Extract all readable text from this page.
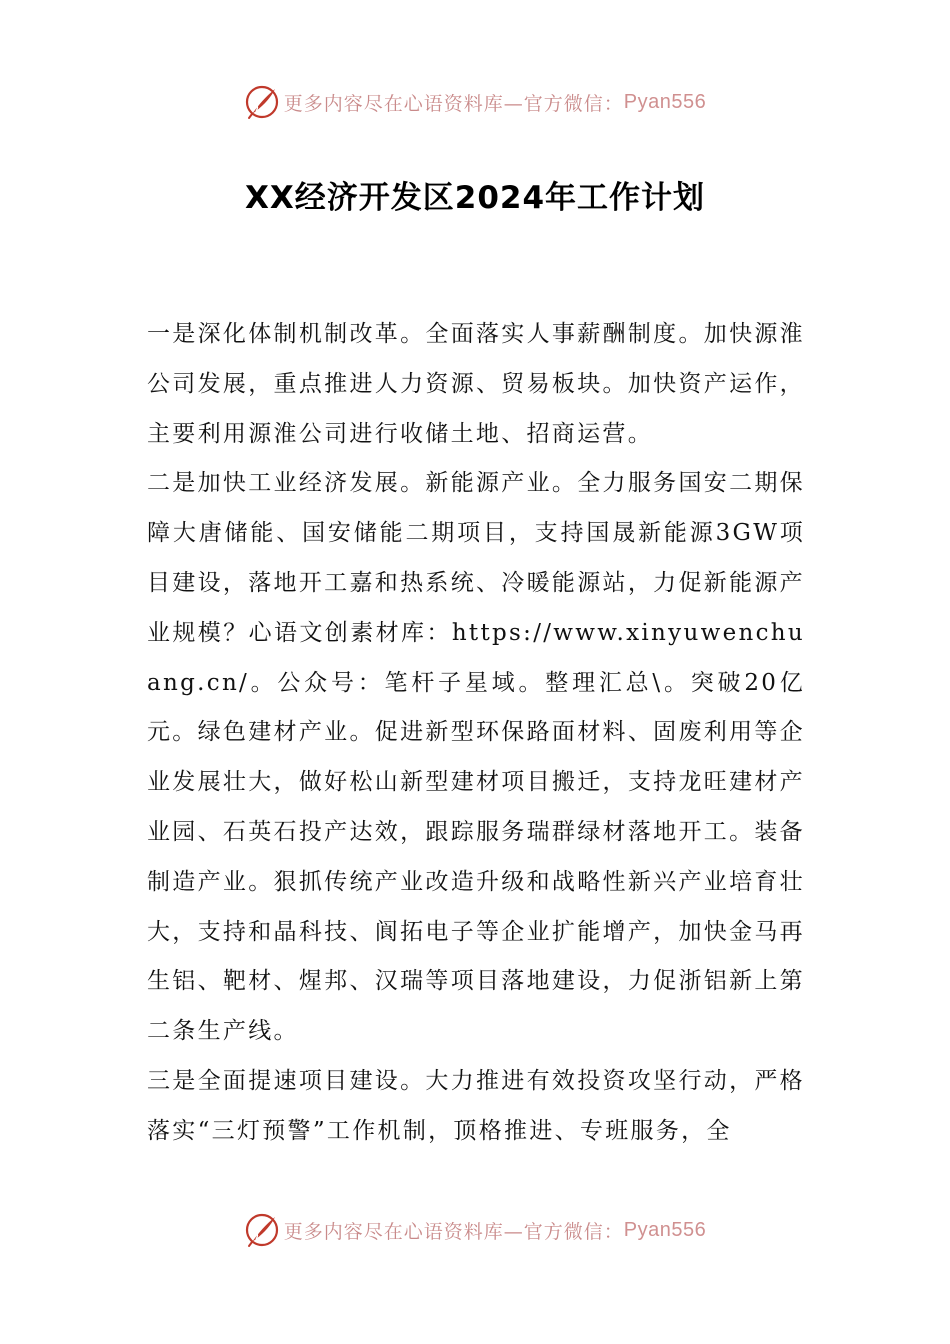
更多内容尽在心语资料库—官方微信： Pyan556
XX经济开发区2024年工作计划

一是深化体制机制改革。全面落实人事薪酬制度。加快源淮公司发展，重点推进人力资源、贸易板块。加快资产运作，主要利用源淮公司进行收储土地、招商运营。

二是加快工业经济发展。新能源产业。全力服务国安二期保障大唐储能、国安储能二期项目，支持国晟新能源3GW项目建设，落地开工嘉和热系统、冷暖能源站，力促新能源产业规模？心语文创素材库：https://www.xinyuwenchuang.cn/。公众号：笔杆子星域。整理汇总\。突破20亿元。绿色建材产业。促进新型环保路面材料、固废利用等企业发展壮大，做好松山新型建材项目搬迁，支持龙旺建材产业园、石英石投产达效，跟踪服务瑞群绿材落地开工。装备制造产业。狠抓传统产业改造升级和战略性新兴产业培育壮大，支持和晶科技、阆拓电子等企业扩能增产，加快金马再生铝、靶材、煋邦、汉瑞等项目落地建设，力促浙铝新上第二条生产线。

三是全面提速项目建设。大力推进有效投资攻坚行动，严格落实“三灯预警”工作机制，顶格推进、专班服务，全

更多内容尽在心语资料库—官方微信： Pyan556
